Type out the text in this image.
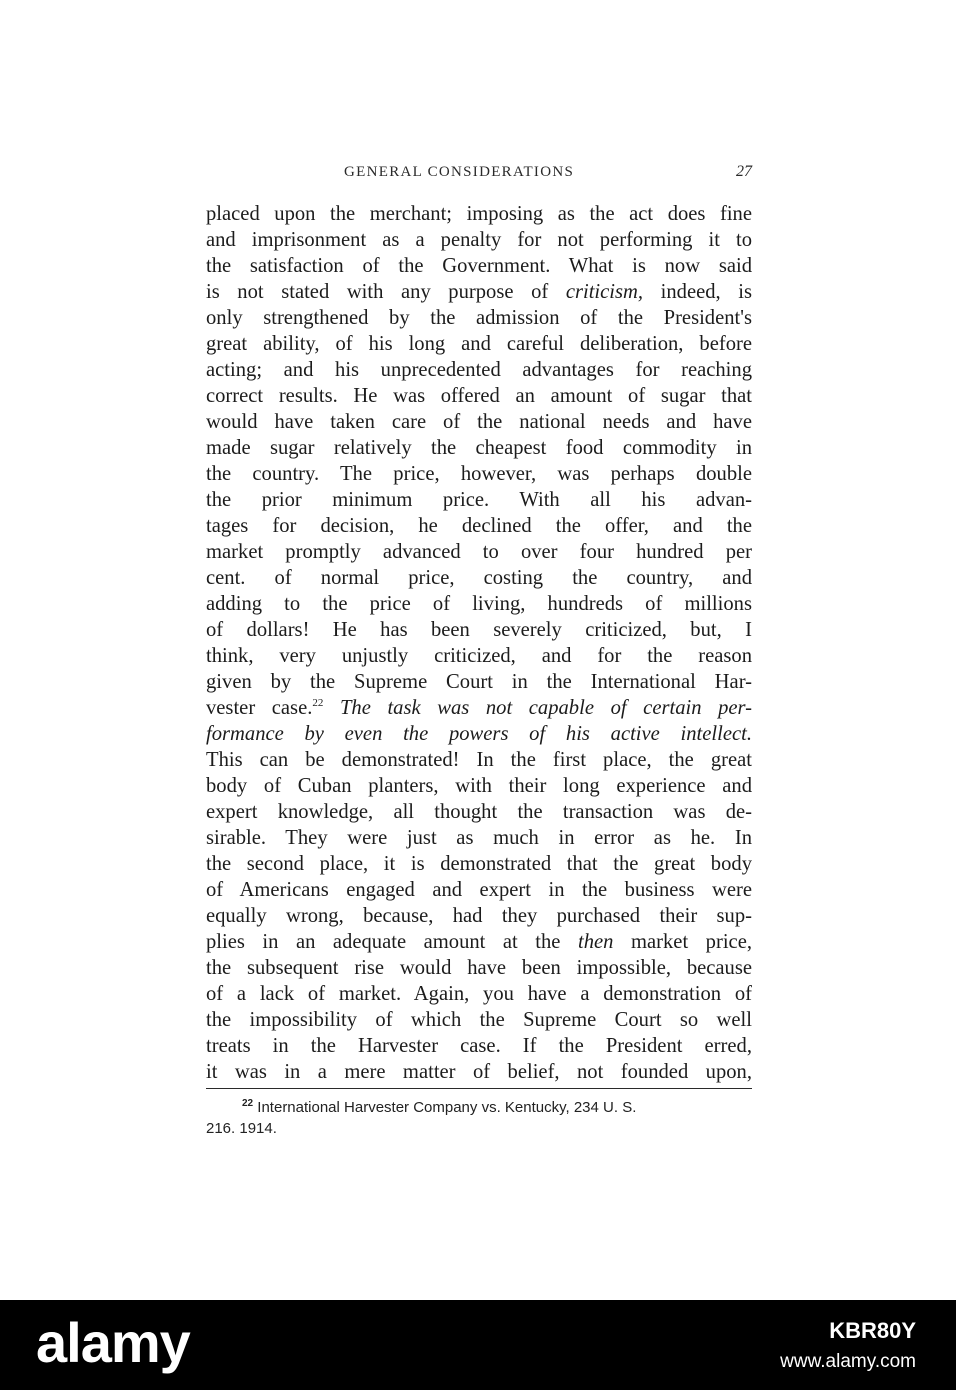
GENERAL CONSIDERATIONS	27
placed upon the merchant; imposing as the act does fine
and imprisonment as a penalty for not performing it to
the satisfaction of the Government. What is now said
is not stated with any purpose of criticism, indeed, is
only strengthened by the admission of the President's
great ability, of his long and careful deliberation, before
acting; and his unprecedented advantages for reaching
correct results. He was offered an amount of sugar that
would have taken care of the national needs and have
made sugar relatively the cheapest food commodity in
the country. The price, however, was perhaps double
the prior minimum price. With all his advan-
tages for decision, he declined the offer, and the
market promptly advanced to over four hundred per
cent. of normal price, costing the country, and
adding to the price of living, hundreds of millions
of dollars! He has been severely criticized, but, I
think, very unjustly criticized, and for the reason
given by the Supreme Court in the International Har-
vester case.$^{22}$ The task was not capable of certain per-
formance by even the powers of his active intellect.
This can be demonstrated! In the first place, the great
body of Cuban planters, with their long experience and
expert knowledge, all thought the transaction was de-
sirable. They were just as much in error as he. In
the second place, it is demonstrated that the great body
of Americans engaged and expert in the business were
equally wrong, because, had they purchased their sup-
plies in an adequate amount at the then market price,
the subsequent rise would have been impossible, because
of a lack of market. Again, you have a demonstration of
the impossibility of which the Supreme Court so well
treats in the Harvester case. If the President erred,
it was in a mere matter of belief, not founded upon,
$^{22}$ International Harvester Company vs. Kentucky, 234 U. S.
216. 1914.
alamy	KBR80Y
www.alamy.com
